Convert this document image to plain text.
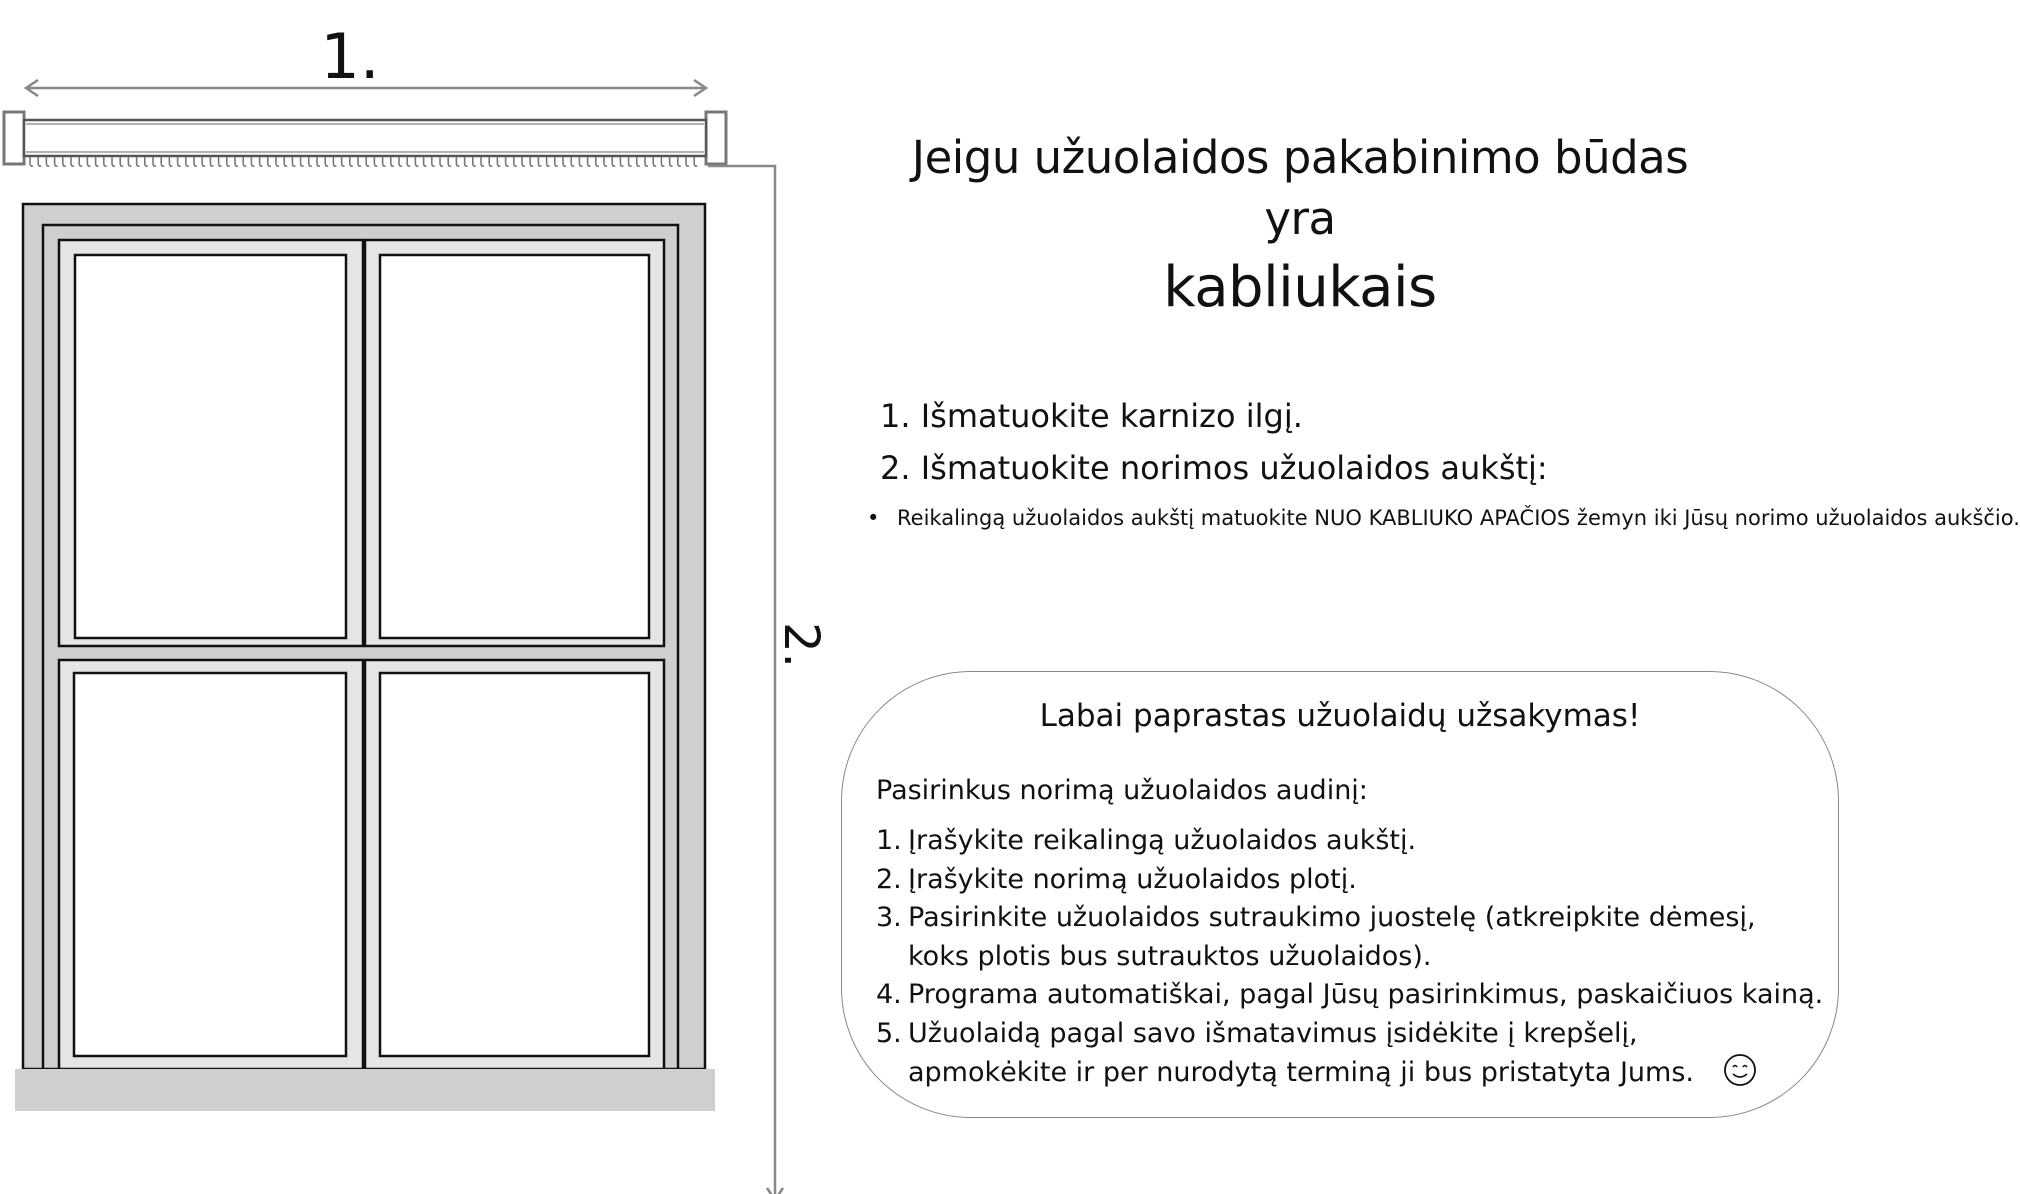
1.
2.
Jeigu užuolaidos pakabinimo būdas yra
kabliukais
1. Išmatuokite karnizo ilgį.
2. Išmatuokite norimos užuolaidos aukštį:
• Reikalingą užuolaidos aukštį matuokite NUO KABLIUKO APAČIOS žemyn iki Jūsų norimo užuolaidos aukščio.
Labai paprastas užuolaidų užsakymas!
Pasirinkus norimą užuolaidos audinį:
1. Įrašykite reikalingą užuolaidos aukštį.
2. Įrašykite norimą užuolaidos plotį.
3. Pasirinkite užuolaidos sutraukimo juostelę (atkreipkite dėmesį, koks plotis bus sutrauktos užuolaidos).
4. Programa automatiškai, pagal Jūsų pasirinkimus, paskaičiuos kainą.
5. Užuolaidą pagal savo išmatavimus įsidėkite į krepšelį, apmokėkite ir per nurodytą terminą ji bus pristatyta Jums.
